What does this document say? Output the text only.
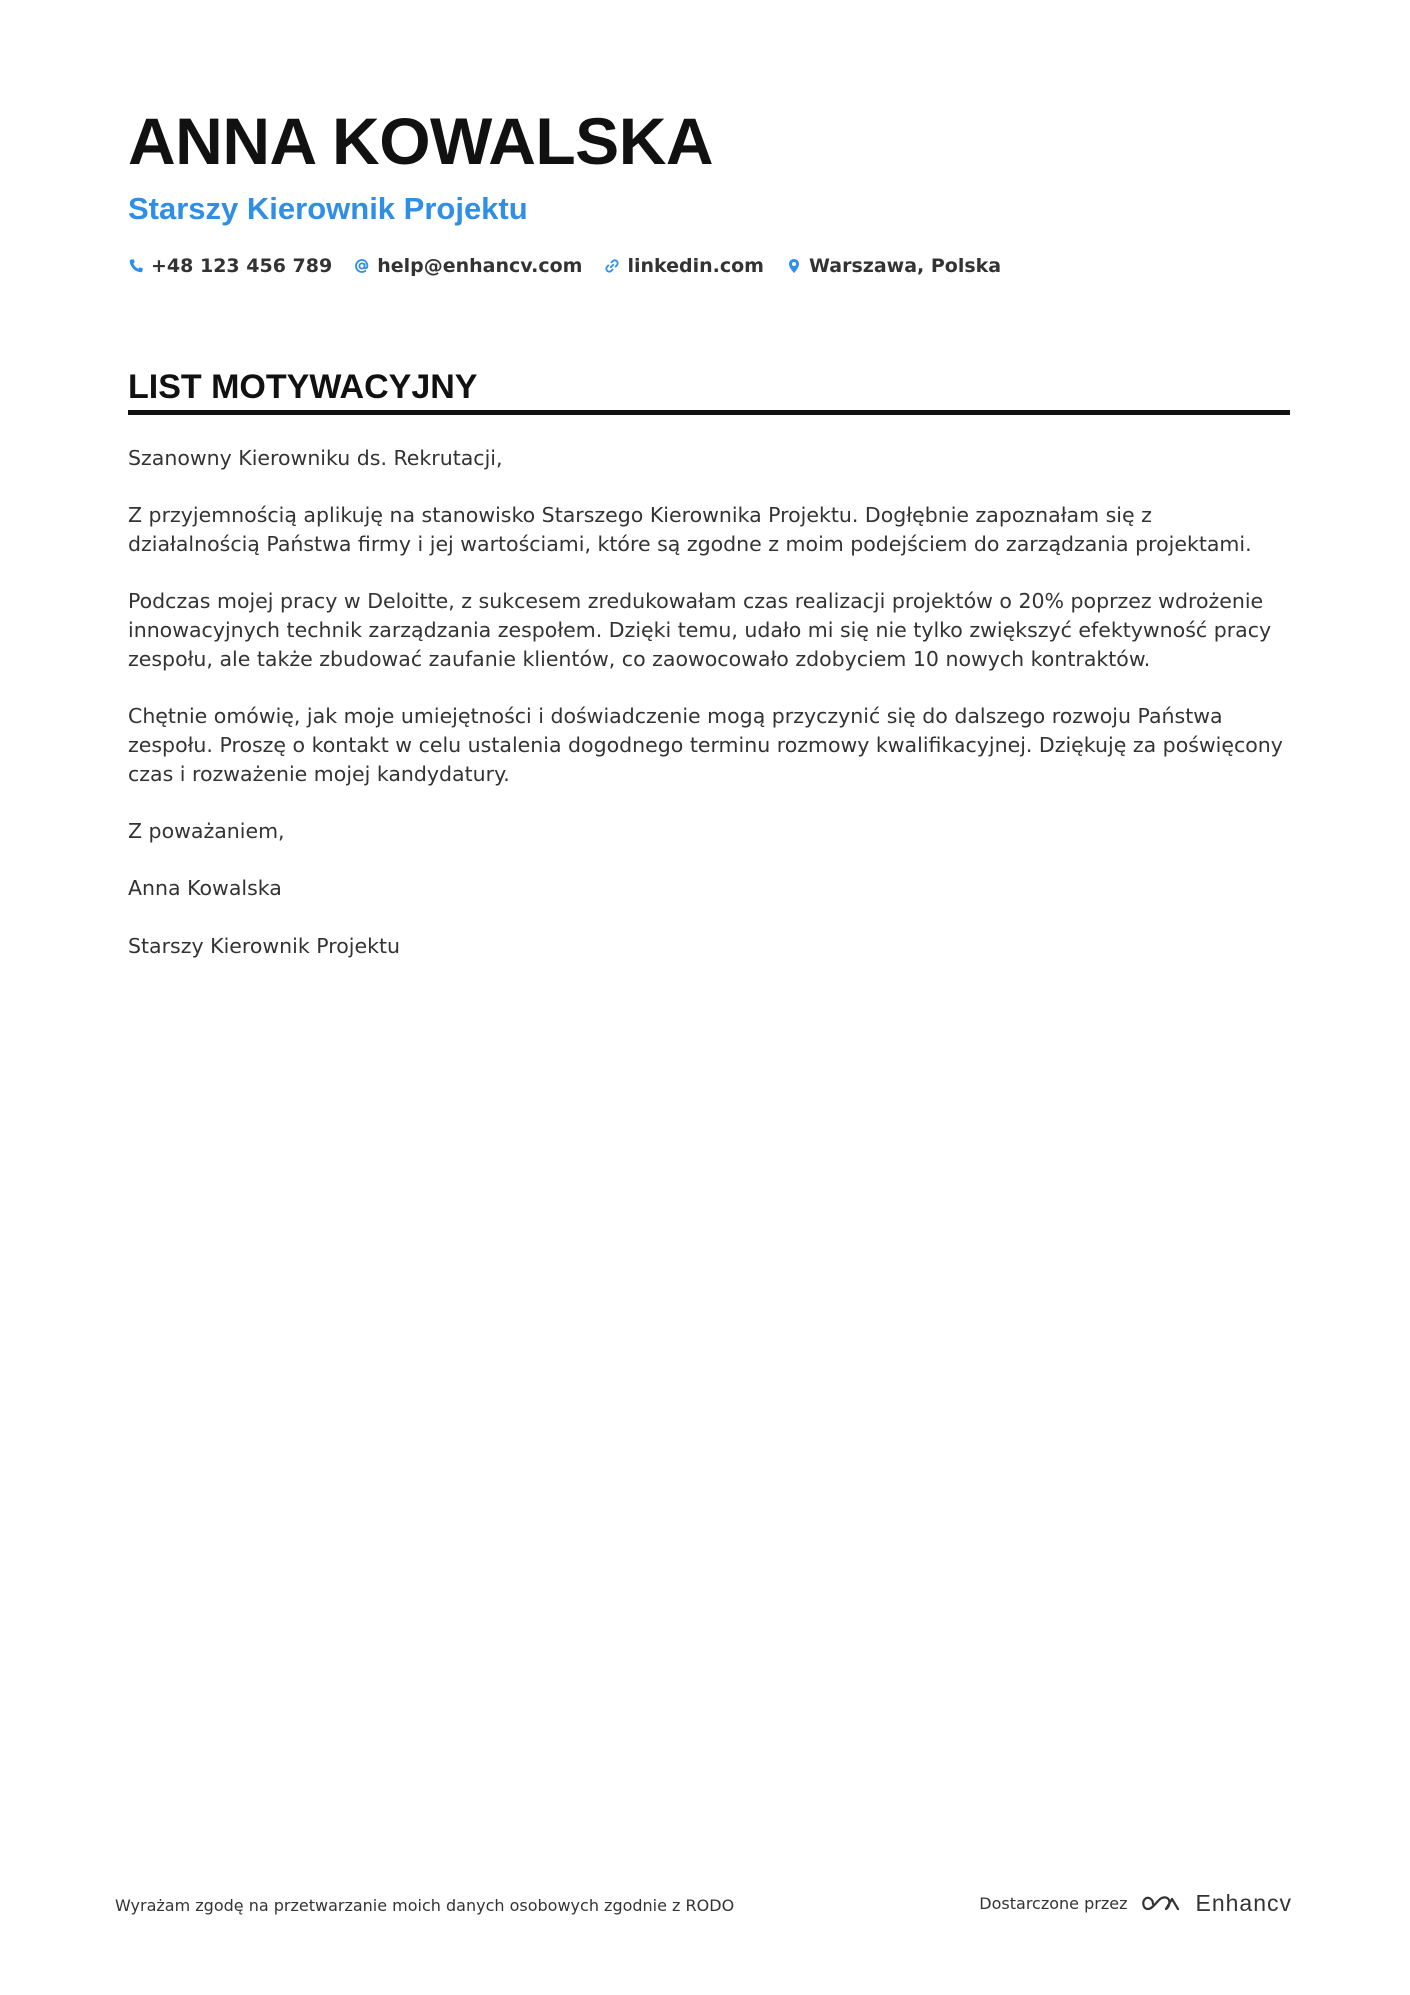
ANNA KOWALSKA
Starszy Kierownik Projektu
+48 123 456 789 help@enhancv.com linkedin.com Warszawa, Polska
LIST MOTYWACYJNY

Szanowny Kierowniku ds. Rekrutacji,

Z przyjemnością aplikuję na stanowisko Starszego Kierownika Projektu. Dogłębnie zapoznałam się z działalnością Państwa firmy i jej wartościami, które są zgodne z moim podejściem do zarządzania projektami.

Podczas mojej pracy w Deloitte, z sukcesem zredukowałam czas realizacji projektów o 20% poprzez wdrożenie innowacyjnych technik zarządzania zespołem. Dzięki temu, udało mi się nie tylko zwiększyć efektywność pracy zespołu, ale także zbudować zaufanie klientów, co zaowocowało zdobyciem 10 nowych kontraktów.

Chętnie omówię, jak moje umiejętności i doświadczenie mogą przyczynić się do dalszego rozwoju Państwa zespołu. Proszę o kontakt w celu ustalenia dogodnego terminu rozmowy kwalifikacyjnej. Dziękuję za poświęcony czas i rozważenie mojej kandydatury.

Z poważaniem,

Anna Kowalska

Starszy Kierownik Projektu

Wyrażam zgodę na przetwarzanie moich danych osobowych zgodnie z RODO	Dostarczone przez	Enhancv
